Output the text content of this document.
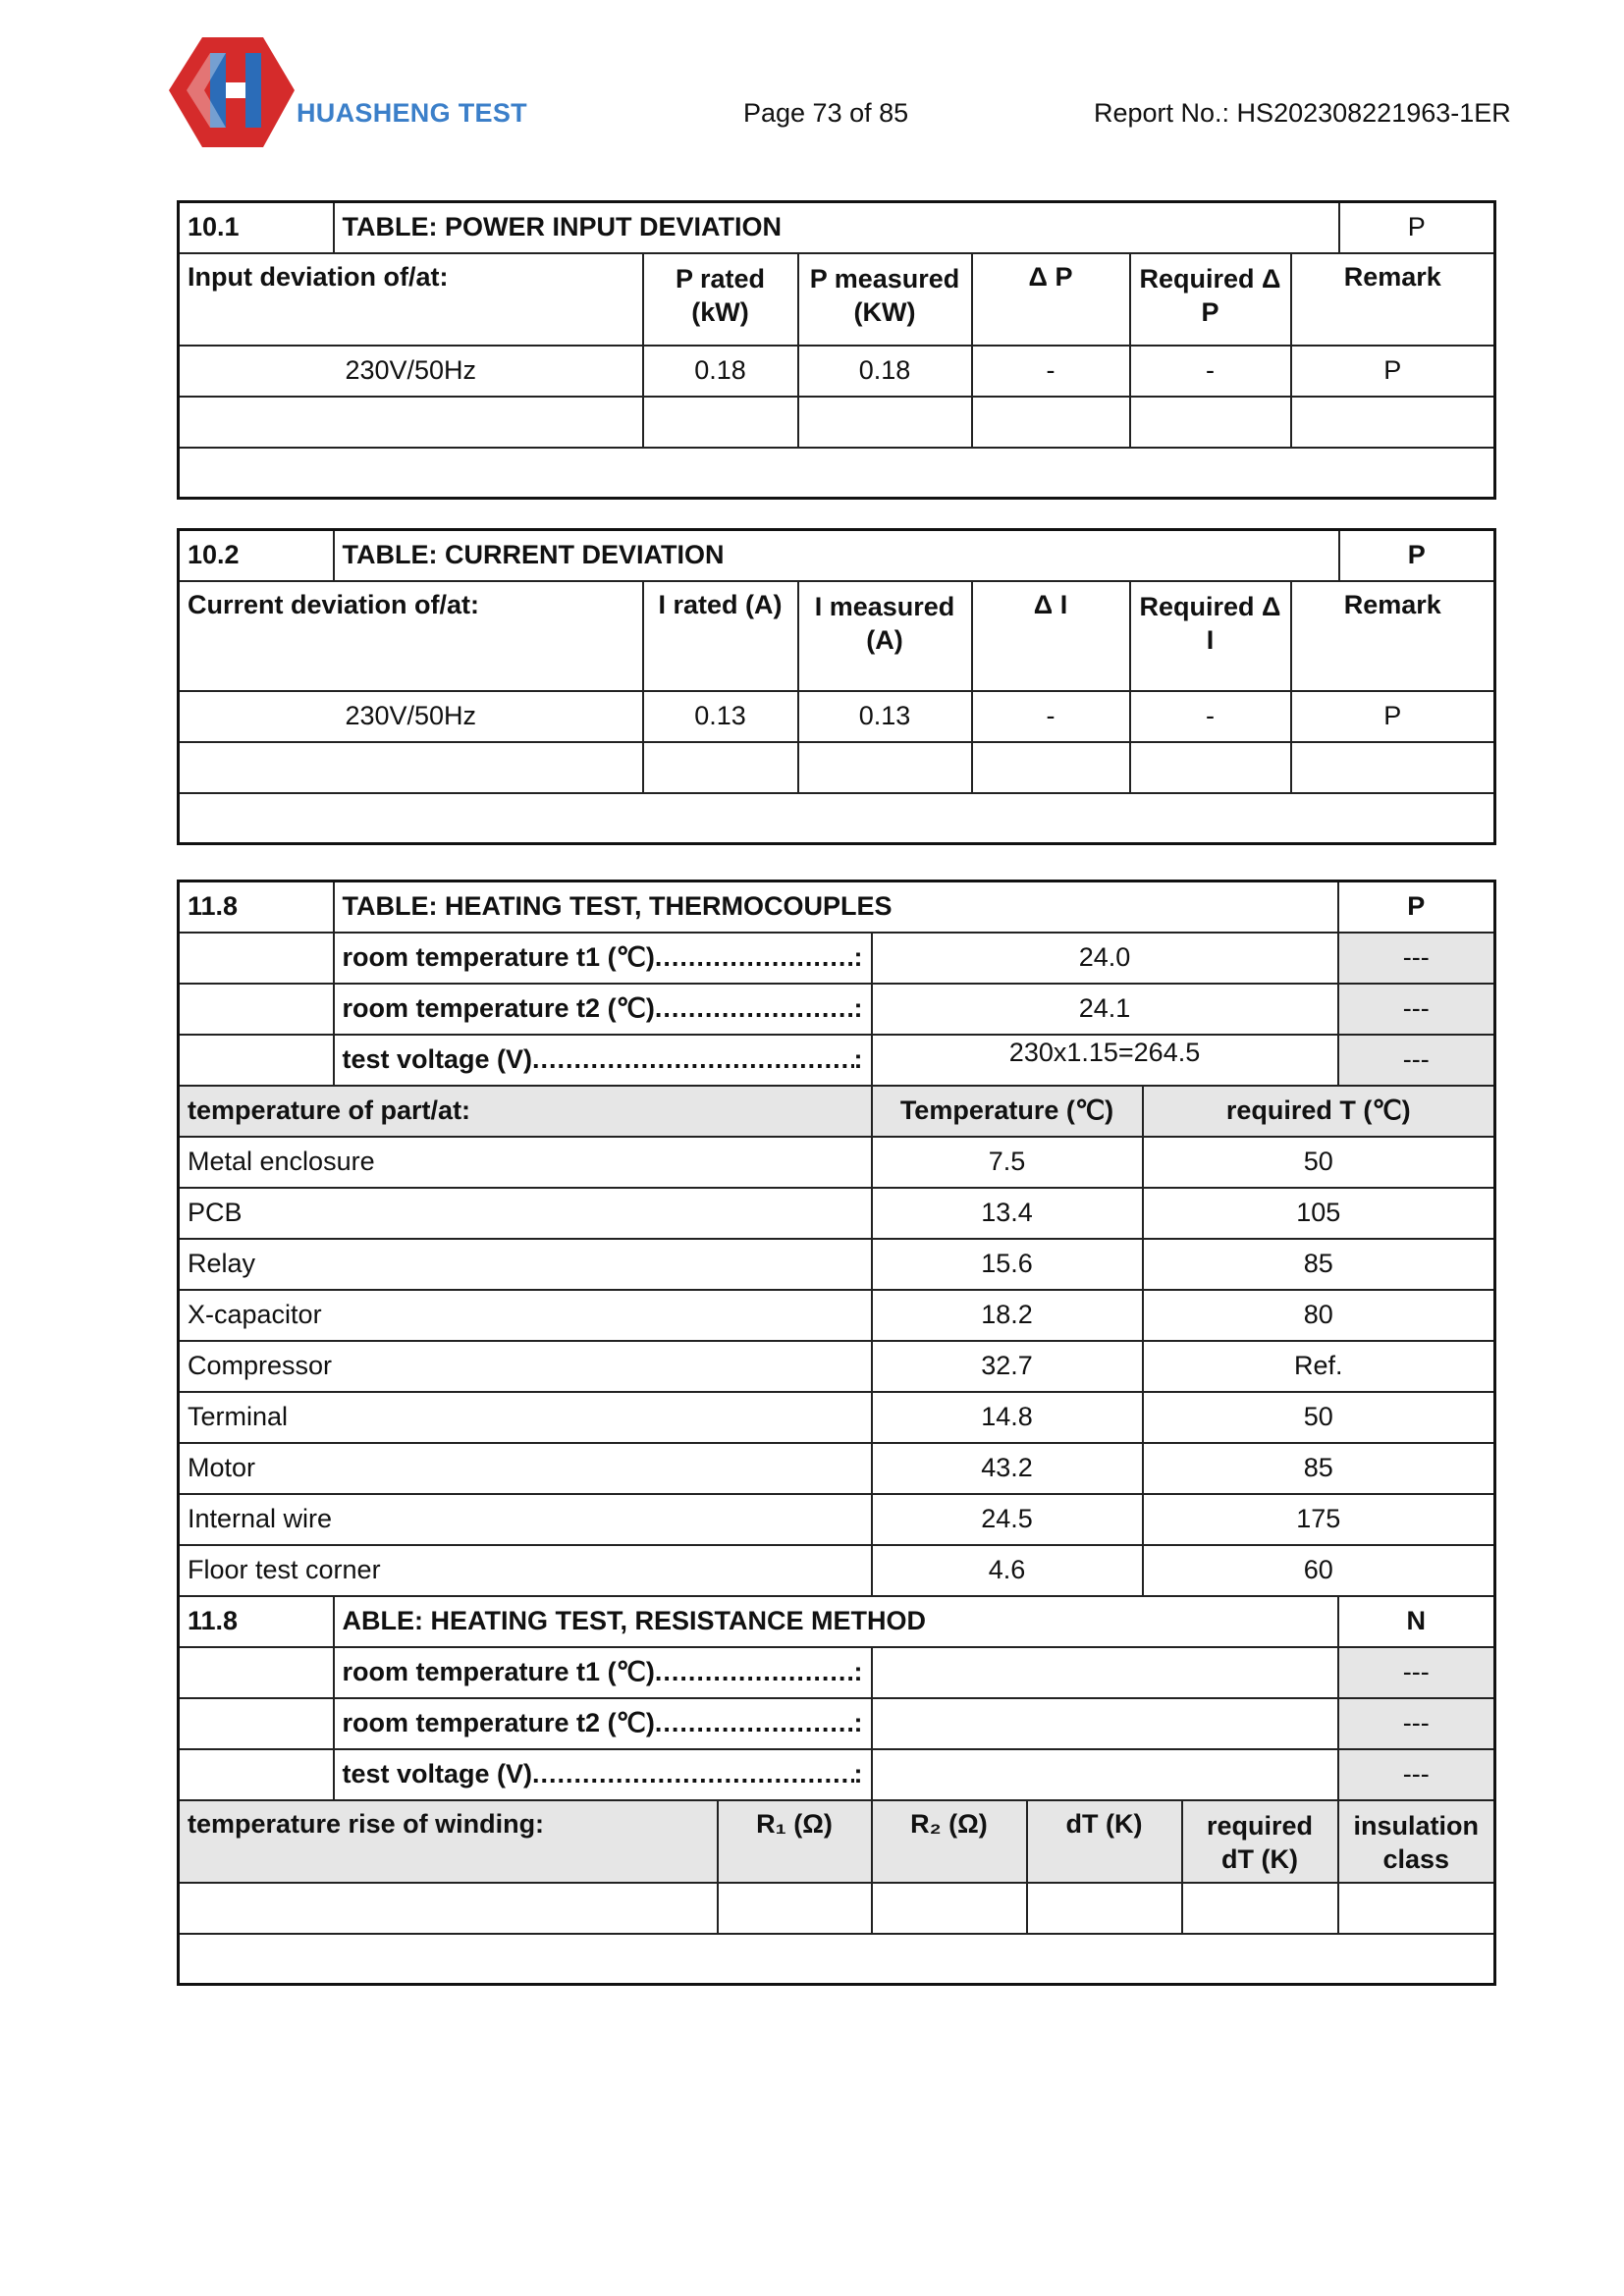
HUASHENG TEST	Page 73 of 85	Report No.: HS202308221963-1ER
10.1	TABLE: POWER INPUT DEVIATION						P
Input deviation of/at:		P rated (kW)	P measured (KW)	Δ P	Required Δ P	Remark	
230V/50Hz		0.18	0.18	-	-	P	

10.2	TABLE: CURRENT DEVIATION						P
Current deviation of/at:		I rated (A)	I measured (A)	Δ I	Required Δ I	Remark	
230V/50Hz		0.13	0.13	-	-	P	

11.8	TABLE: HEATING TEST, THERMOCOUPLES						P

	room temperature t1 (℃) ..... :		24.0				---

	room temperature t2 (℃) ..... :		24.1				---

	test voltage (V) ..... :		230x1.15=264.5				---
temperature of part/at:			Temperature (℃)		required T (℃)		
Metal enclosure			7.5		50		
PCB			13.4		105		
Relay			15.6		85		
X-capacitor			18.2		80		
Compressor			32.7		Ref.		
Terminal			14.8		50		
Motor			43.2		85		
Internal wire			24.5		175		
Floor test corner			4.6		60		
11.8	ABLE: HEATING TEST, RESISTANCE METHOD						N

	room temperature t1 (℃) ..... :						---

	room temperature t2 (℃) ..... :						---

	test voltage (V) ..... :						---
temperature rise of winding:		R₁ (Ω)	R₂ (Ω)	dT (K)		required dT (K)	insulation class
